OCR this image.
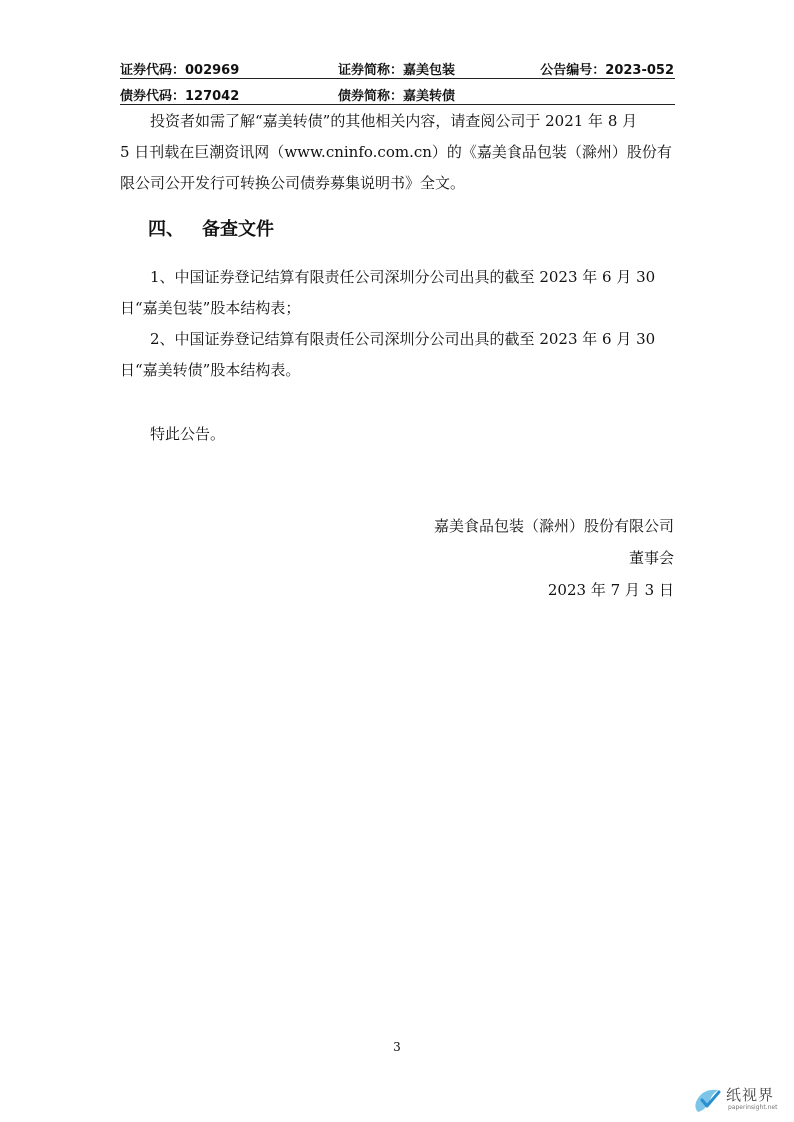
证券代码：002969	证券简称：嘉美包装	公告编号：2023-052
债券代码：127042	债券简称：嘉美转债
　　投资者如需了解“嘉美转债”的其他相关内容，请查阅公司于 2021 年 8 月
5 日刊载在巨潮资讯网（www.cninfo.com.cn）的《嘉美食品包装（滁州）股份有
限公司公开发行可转换公司债券募集说明书》全文。
四、 备查文件
　　1、中国证券登记结算有限责任公司深圳分公司出具的截至 2023 年 6 月 30
日“嘉美包装”股本结构表；
　　2、中国证券登记结算有限责任公司深圳分公司出具的截至 2023 年 6 月 30
日“嘉美转债”股本结构表。
　　特此公告。
嘉美食品包装（滁州）股份有限公司
董事会
2023 年 7 月 3 日
3
纸视界
paperinsight.net
